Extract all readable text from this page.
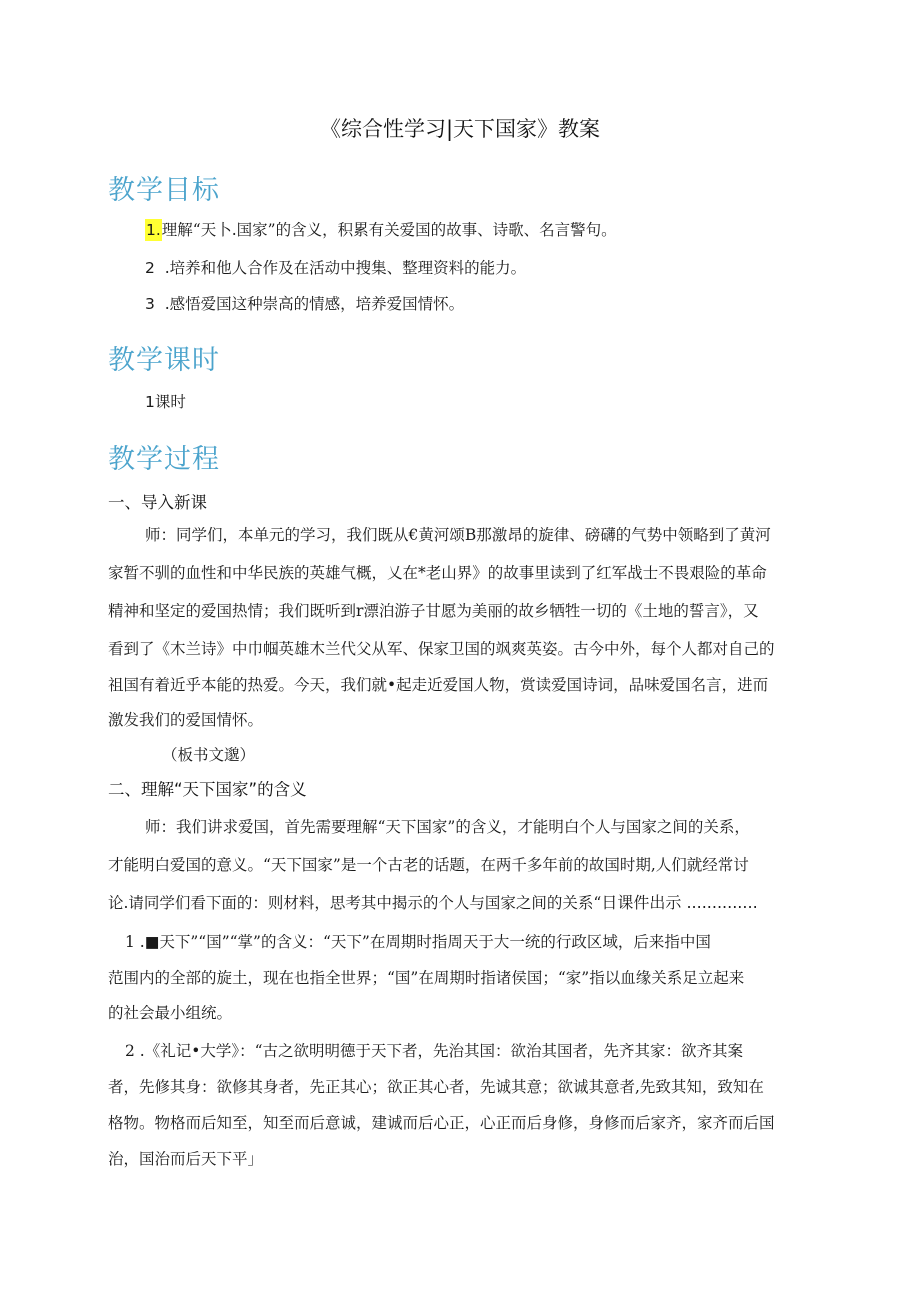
《综合性学习|天下国家》教案
教学目标
1.理解“天卜.国家”的含义，积累有关爱国的故事、诗歌、名言警句。
2 .培养和他人合作及在活动中搜集、整理资料的能力。
3 .感悟爱国这种崇高的情感，培养爱国情怀。
教学课时
1课时
教学过程
一、导入新课
师：同学们，本单元的学习，我们既从€黄河颂B那激昂的旋律、磅礴的气势中领略到了黄河
家暂不驯的血性和中华民族的英雄气概，乂在*老山界》的故事里读到了红军战士不畏艰险的革命
精神和坚定的爱国热情；我们既听到r漂泊游子甘愿为美丽的故乡牺牲一切的《土地的誓言》，又
看到了《木兰诗》中巾帼英雄木兰代父从军、保家卫国的飒爽英姿。古今中外，每个人都对自己的
祖国有着近乎本能的热爱。今天，我们就•起走近爱国人物，赏读爱国诗词，品味爱国名言，进而
激发我们的爱国情怀。
（板书文邈）
二、理解“天下国家”的含义
师：我们讲求爱国，首先需要理解“天下国家”的含义，才能明白个人与国家之间的关系，
才能明白爱国的意义。“天下国家”是一个古老的话题，在两千多年前的故国时期,人们就经常讨
论.请同学们看下面的：则材料，思考其中揭示的个人与国家之间的关系“日课件出示 ..............
1 .■天下”“国”“掌”的含义：“天下”在周期时指周天于大一统的行政区域，后来指中国
范围内的全部的旋土，现在也指全世界；“国”在周期时指诸侯国；“家”指以血缘关系足立起来
的社会最小组统。
2 .《礼记•大学》：“古之欲明明德于天下者，先治其国：欲治其国者，先齐其家：欲齐其案
者，先修其身：欲修其身者，先正其心；欲正其心者，先诚其意；欲诚其意者,先致其知，致知在
格物。物格而后知至，知至而后意诚，建诚而后心正，心正而后身修，身修而后家齐，家齐而后国
治，国治而后天下平」
